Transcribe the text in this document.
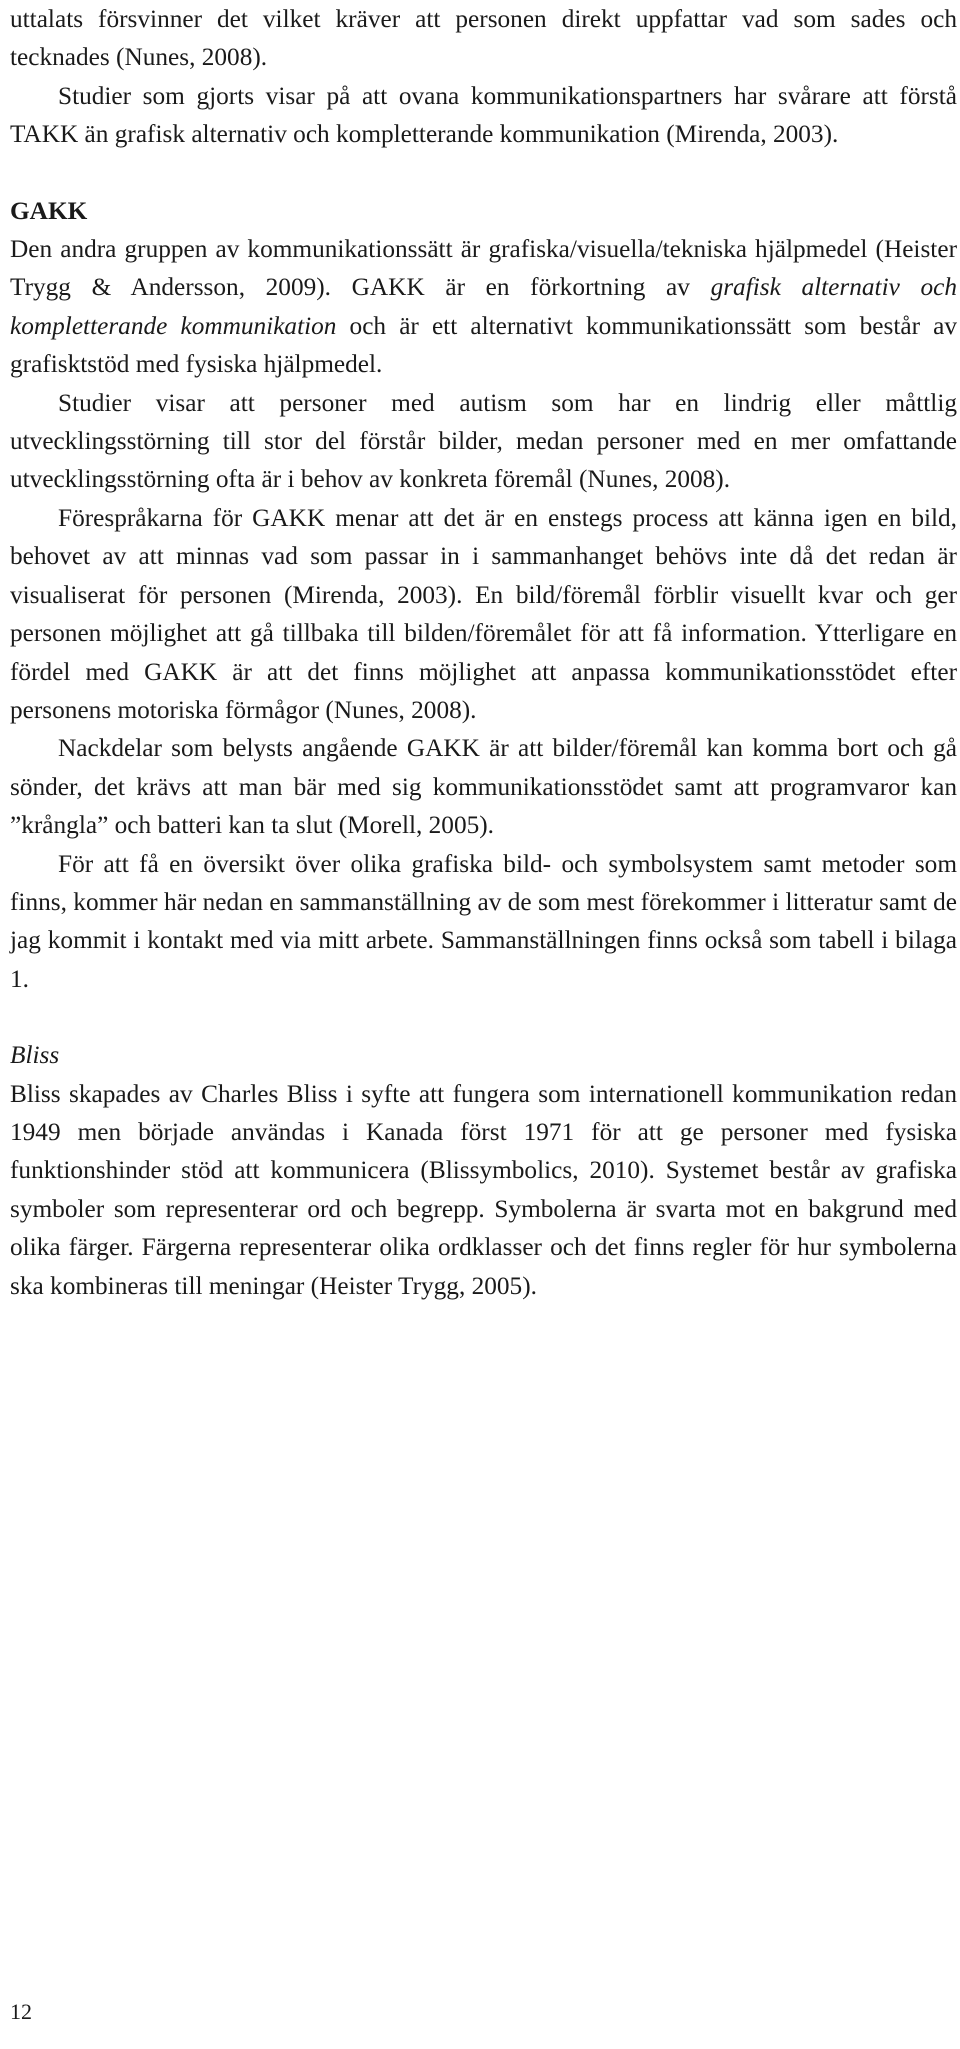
uttalats försvinner det vilket kräver att personen direkt uppfattar vad som sades och tecknades (Nunes, 2008).

Studier som gjorts visar på att ovana kommunikationspartners har svårare att förstå TAKK än grafisk alternativ och kompletterande kommunikation (Mirenda, 2003).

GAKK

Den andra gruppen av kommunikationssätt är grafiska/visuella/tekniska hjälpmedel (Heister Trygg & Andersson, 2009). GAKK är en förkortning av grafisk alternativ och kompletterande kommunikation och är ett alternativt kommunikationssätt som består av grafisktstöd med fysiska hjälpmedel.

Studier visar att personer med autism som har en lindrig eller måttlig utvecklingsstörning till stor del förstår bilder, medan personer med en mer omfattande utvecklingsstörning ofta är i behov av konkreta föremål (Nunes, 2008).

Förespråkarna för GAKK menar att det är en enstegs process att känna igen en bild, behovet av att minnas vad som passar in i sammanhanget behövs inte då det redan är visualiserat för personen (Mirenda, 2003). En bild/föremål förblir visuellt kvar och ger personen möjlighet att gå tillbaka till bilden/föremålet för att få information. Ytterligare en fördel med GAKK är att det finns möjlighet att anpassa kommunikationsstödet efter personens motoriska förmågor (Nunes, 2008).

Nackdelar som belysts angående GAKK är att bilder/föremål kan komma bort och gå sönder, det krävs att man bär med sig kommunikationsstödet samt att programvaror kan ”krångla” och batteri kan ta slut (Morell, 2005).

För att få en översikt över olika grafiska bild- och symbolsystem samt metoder som finns, kommer här nedan en sammanställning av de som mest förekommer i litteratur samt de jag kommit i kontakt med via mitt arbete. Sammanställningen finns också som tabell i bilaga 1.

Bliss

Bliss skapades av Charles Bliss i syfte att fungera som internationell kommunikation redan 1949 men började användas i Kanada först 1971 för att ge personer med fysiska funktionshinder stöd att kommunicera (Blissymbolics, 2010). Systemet består av grafiska symboler som representerar ord och begrepp. Symbolerna är svarta mot en bakgrund med olika färger. Färgerna representerar olika ordklasser och det finns regler för hur symbolerna ska kombineras till meningar (Heister Trygg, 2005).

12
